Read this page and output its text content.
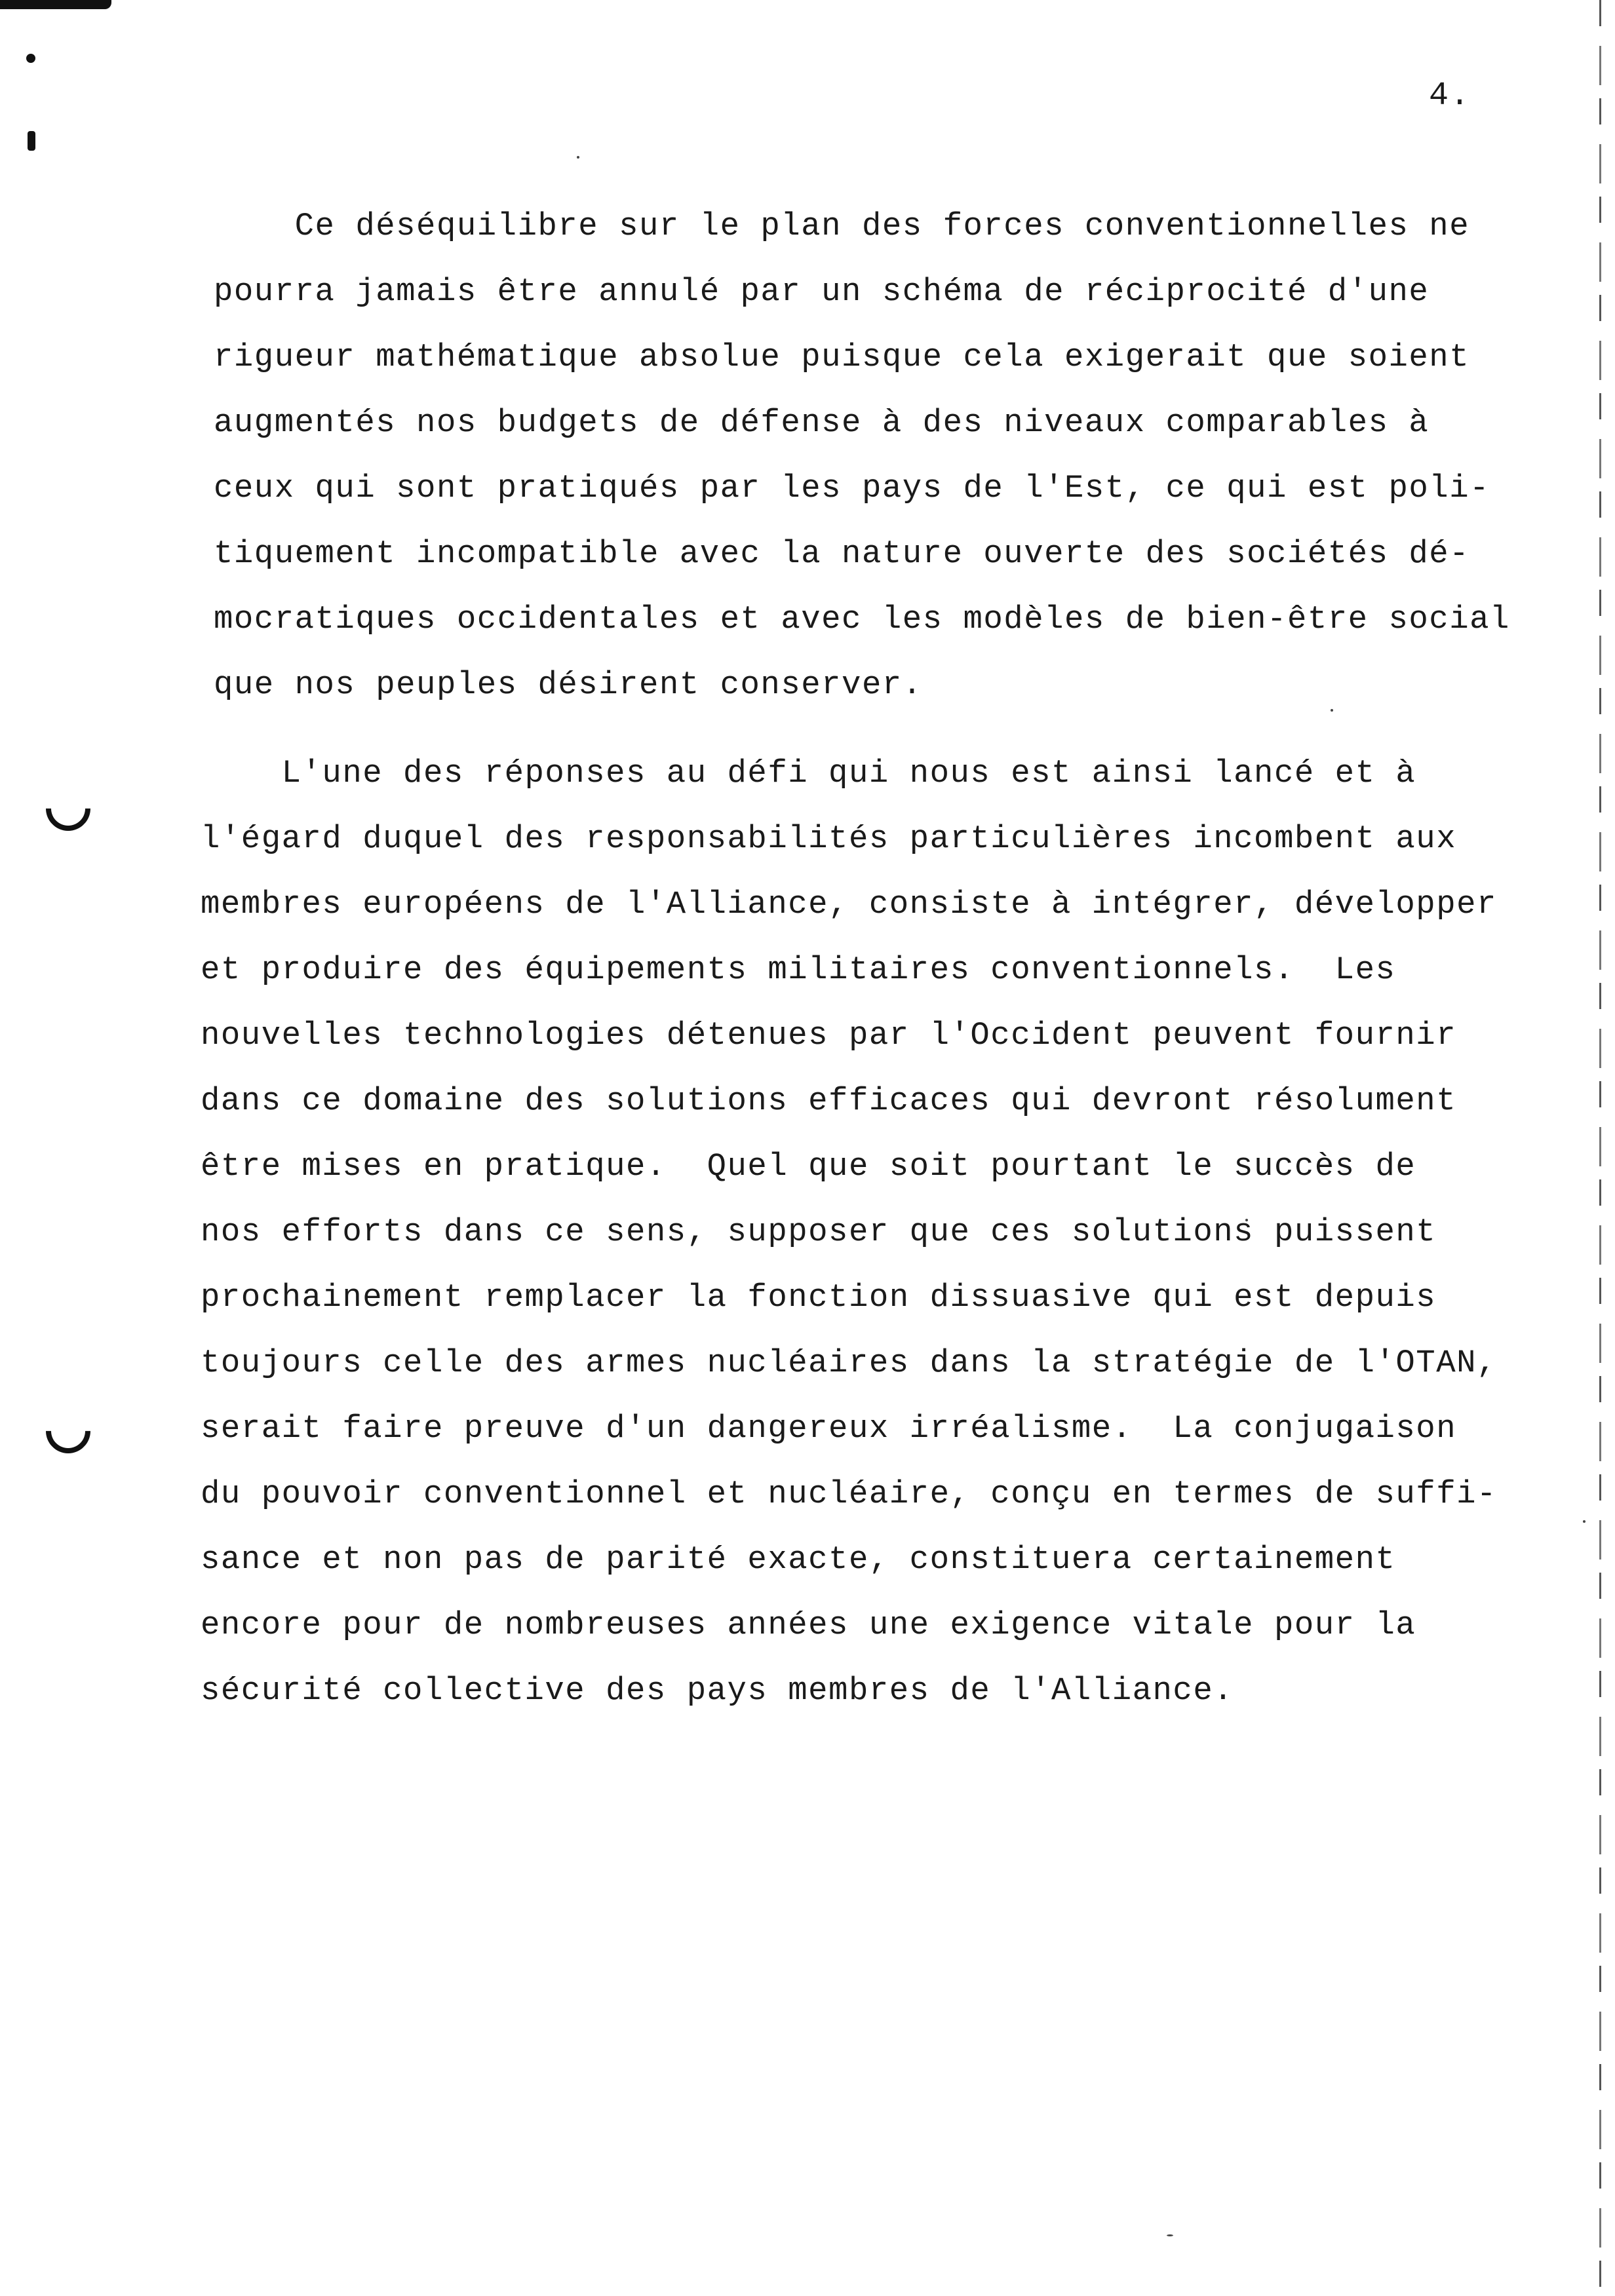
4.
Ce déséquilibre sur le plan des forces conventionnelles ne
pourra jamais être annulé par un schéma de réciprocité d'une
rigueur mathématique absolue puisque cela exigerait que soient
augmentés nos budgets de défense à des niveaux comparables à
ceux qui sont pratiqués par les pays de l'Est, ce qui est poli-
tiquement incompatible avec la nature ouverte des sociétés dé-
mocratiques occidentales et avec les modèles de bien-être social
que nos peuples désirent conserver.
L'une des réponses au défi qui nous est ainsi lancé et à
l'égard duquel des responsabilités particulières incombent aux
membres européens de l'Alliance, consiste à intégrer, développer
et produire des équipements militaires conventionnels.  Les
nouvelles technologies détenues par l'Occident peuvent fournir
dans ce domaine des solutions efficaces qui devront résolument
être mises en pratique.  Quel que soit pourtant le succès de
nos efforts dans ce sens, supposer que ces solutions puissent
prochainement remplacer la fonction dissuasive qui est depuis
toujours celle des armes nucléaires dans la stratégie de l'OTAN,
serait faire preuve d'un dangereux irréalisme.  La conjugaison
du pouvoir conventionnel et nucléaire, conçu en termes de suffi-
sance et non pas de parité exacte, constituera certainement
encore pour de nombreuses années une exigence vitale pour la
sécurité collective des pays membres de l'Alliance.
